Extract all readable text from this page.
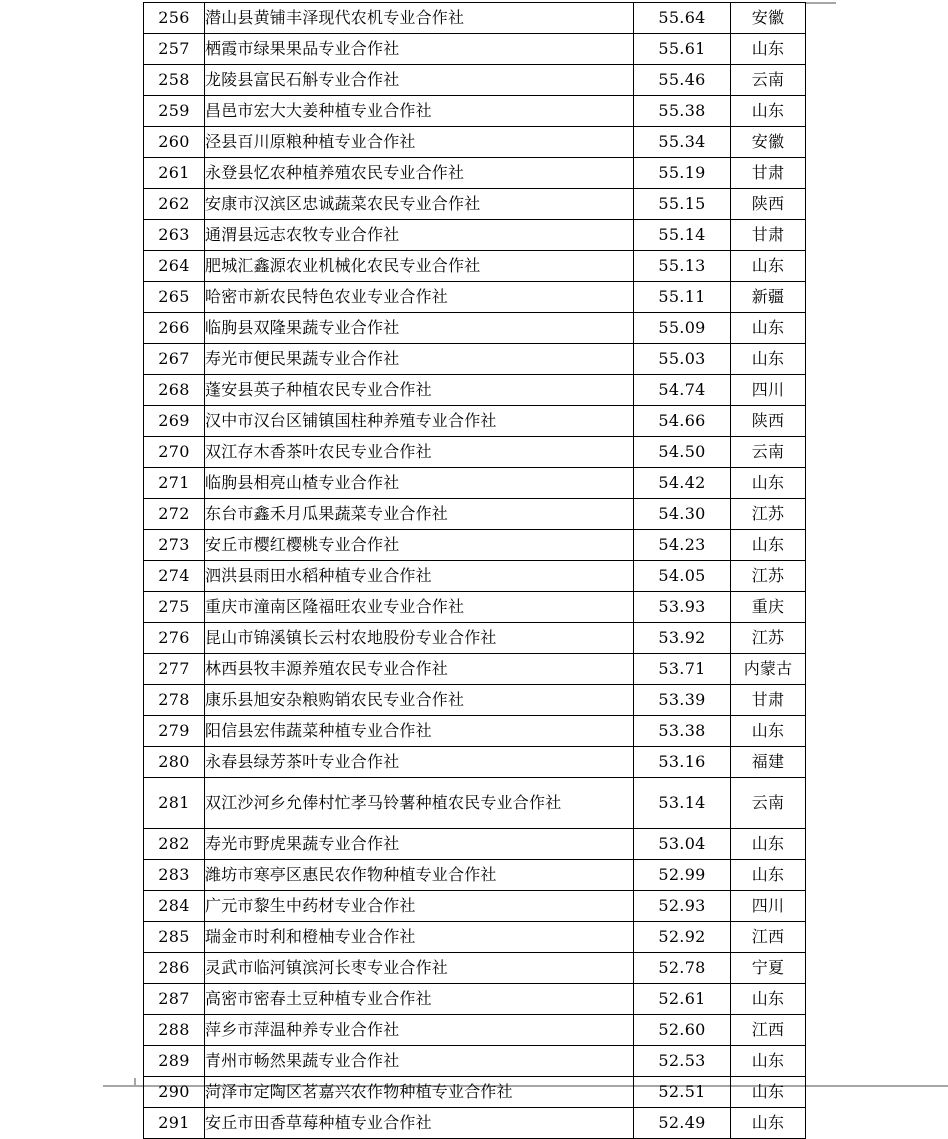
256	潜山县黄铺丰泽现代农机专业合作社	55.64	安徽
257	栖霞市绿果果品专业合作社	55.61	山东
258	龙陵县富民石斛专业合作社	55.46	云南
259	昌邑市宏大大姜种植专业合作社	55.38	山东
260	泾县百川原粮种植专业合作社	55.34	安徽
261	永登县忆农种植养殖农民专业合作社	55.19	甘肃
262	安康市汉滨区忠诚蔬菜农民专业合作社	55.15	陕西
263	通渭县远志农牧专业合作社	55.14	甘肃
264	肥城汇鑫源农业机械化农民专业合作社	55.13	山东
265	哈密市新农民特色农业专业合作社	55.11	新疆
266	临朐县双隆果蔬专业合作社	55.09	山东
267	寿光市便民果蔬专业合作社	55.03	山东
268	蓬安县英子种植农民专业合作社	54.74	四川
269	汉中市汉台区铺镇国柱种养殖专业合作社	54.66	陕西
270	双江存木香茶叶农民专业合作社	54.50	云南
271	临朐县相亮山楂专业合作社	54.42	山东
272	东台市鑫禾月瓜果蔬菜专业合作社	54.30	江苏
273	安丘市樱红樱桃专业合作社	54.23	山东
274	泗洪县雨田水稻种植专业合作社	54.05	江苏
275	重庆市潼南区隆福旺农业专业合作社	53.93	重庆
276	昆山市锦溪镇长云村农地股份专业合作社	53.92	江苏
277	林西县牧丰源养殖农民专业合作社	53.71	内蒙古
278	康乐县旭安杂粮购销农民专业合作社	53.39	甘肃
279	阳信县宏伟蔬菜种植专业合作社	53.38	山东
280	永春县绿芳茶叶专业合作社	53.16	福建
281	双江沙河乡允俸村忙孝马铃薯种植农民专业合作社	53.14	云南
282	寿光市野虎果蔬专业合作社	53.04	山东
283	潍坊市寒亭区惠民农作物种植专业合作社	52.99	山东
284	广元市黎生中药材专业合作社	52.93	四川
285	瑞金市时利和橙柚专业合作社	52.92	江西
286	灵武市临河镇滨河长枣专业合作社	52.78	宁夏
287	高密市密春土豆种植专业合作社	52.61	山东
288	萍乡市萍温种养专业合作社	52.60	江西
289	青州市畅然果蔬专业合作社	52.53	山东
290	菏泽市定陶区茗嘉兴农作物种植专业合作社	52.51	山东
291	安丘市田香草莓种植专业合作社	52.49	山东
